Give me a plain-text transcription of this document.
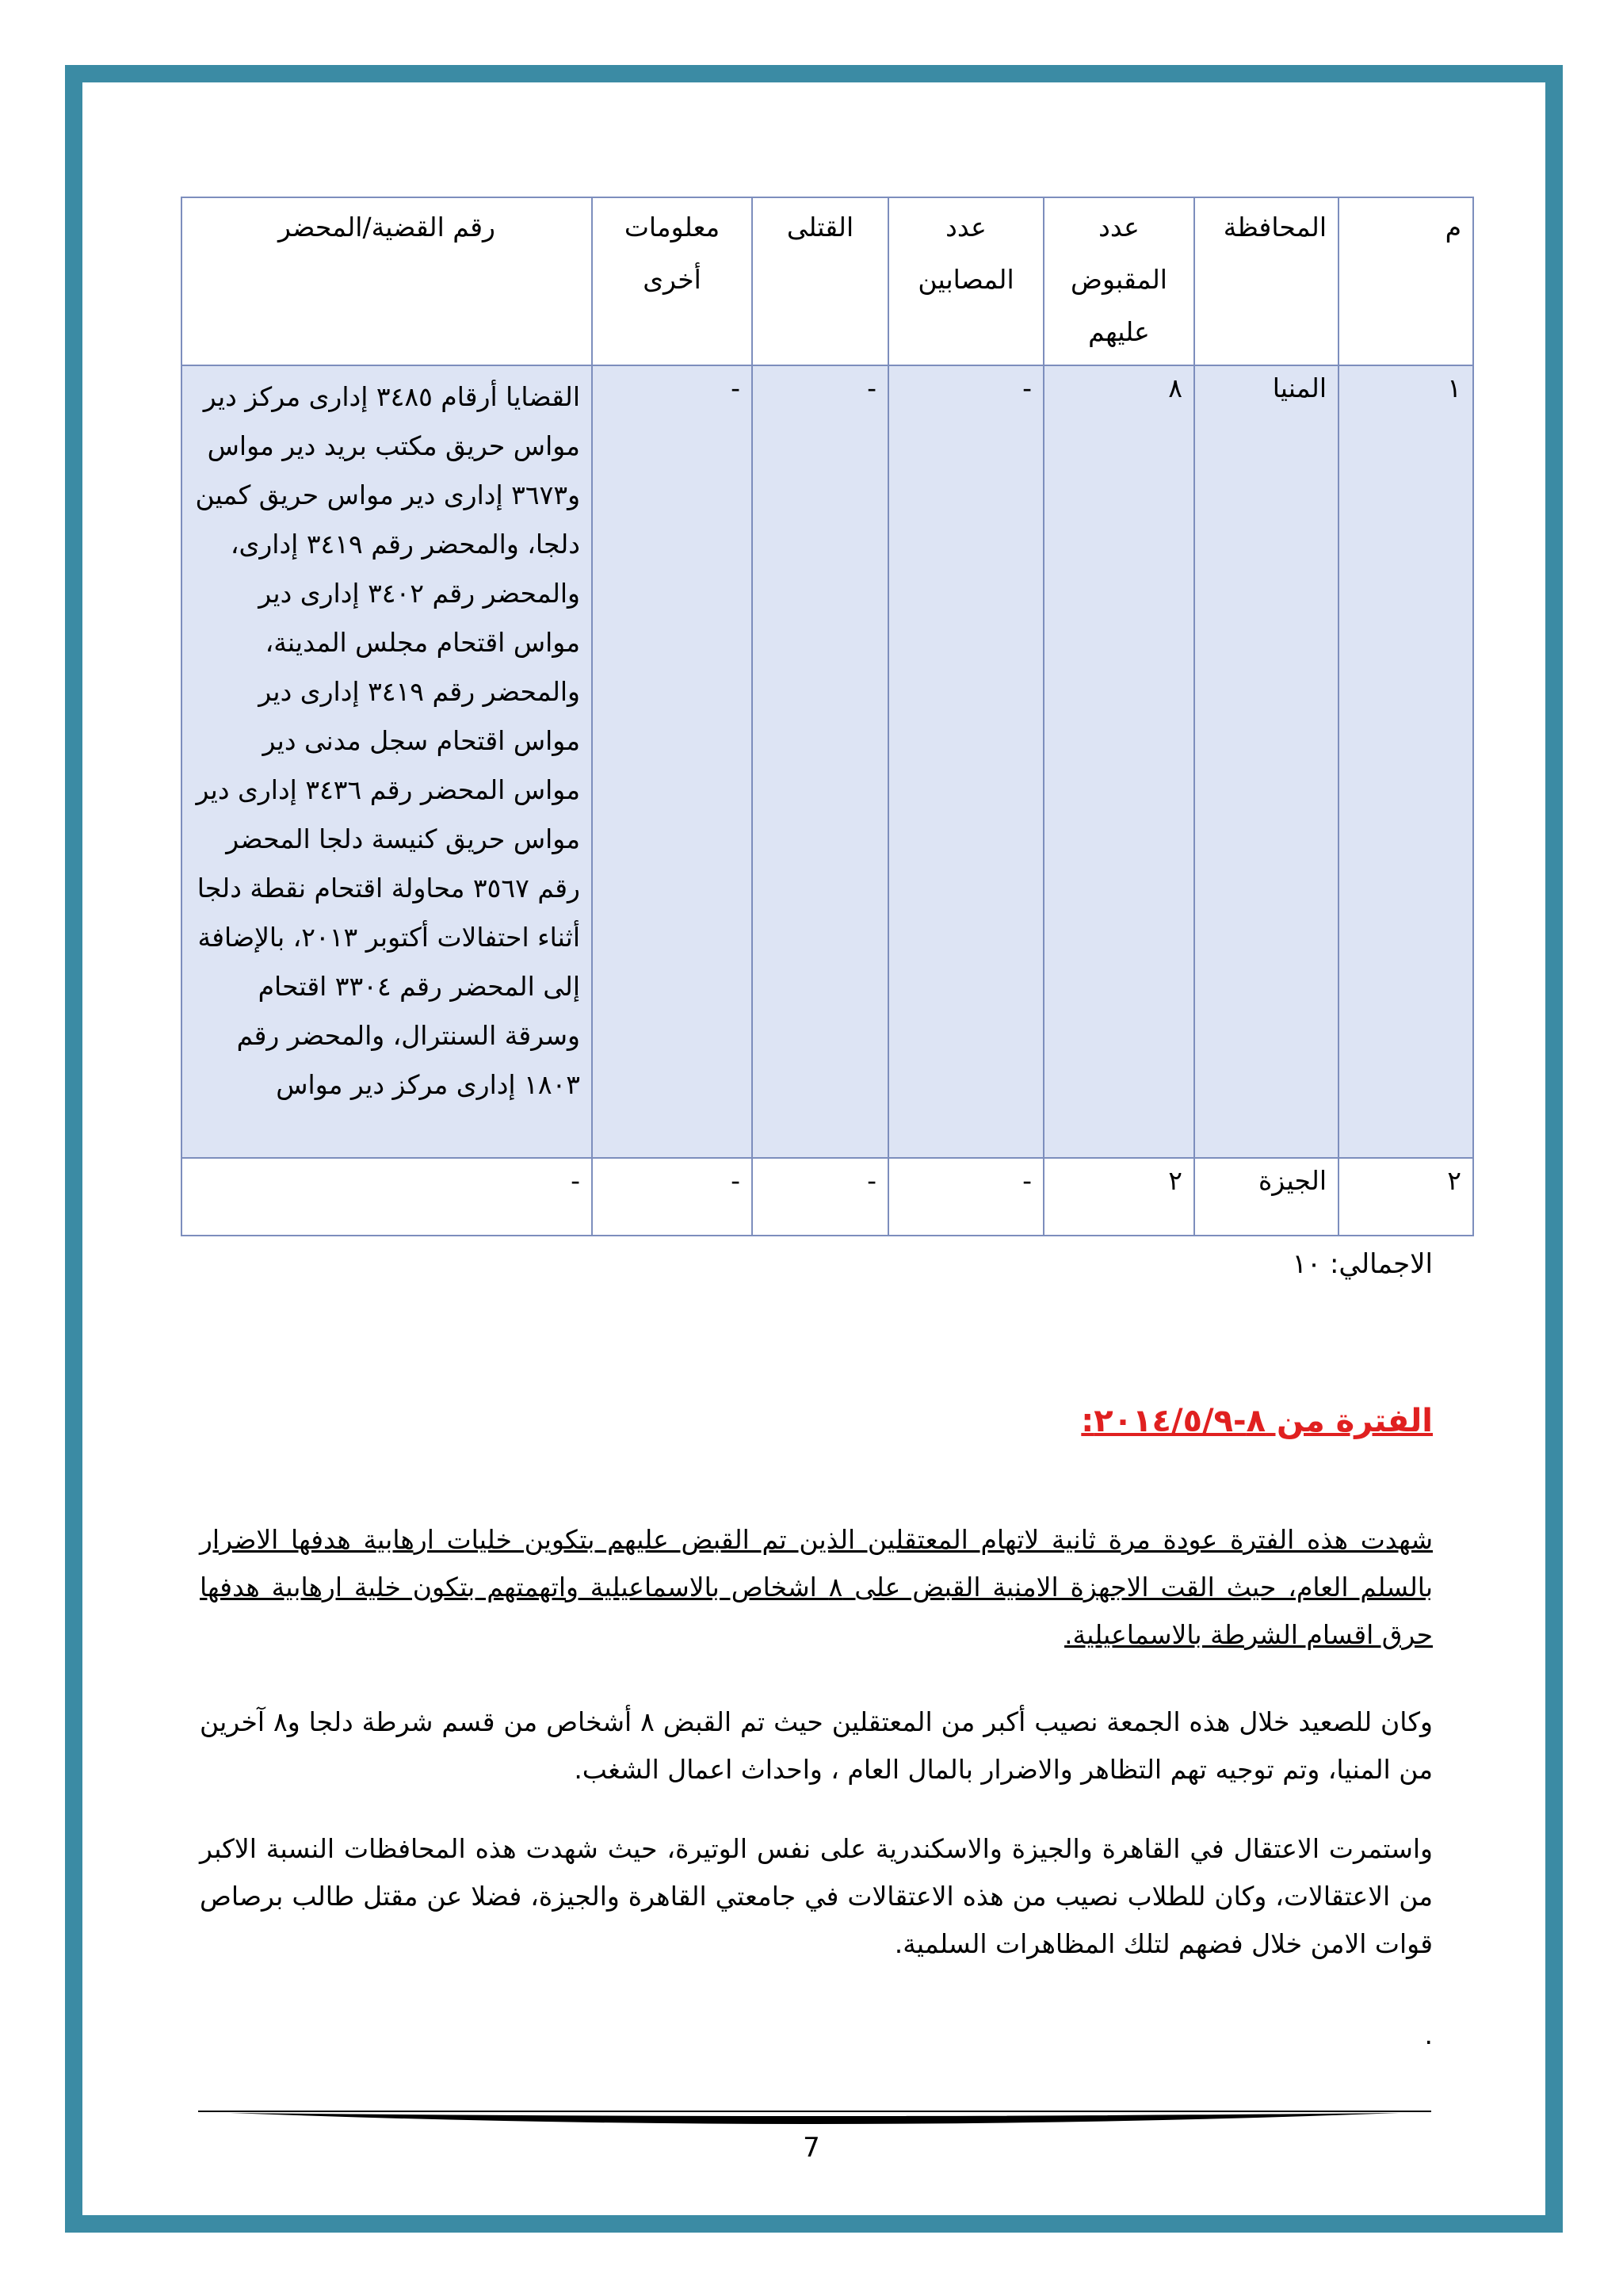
م	المحافظة	عدد المقبوض عليهم	عدد المصابين	القتلى	معلومات أخرى	رقم القضية/المحضر
١	المنيا	٨	-	-	-	القضايا أرقام ٣٤٨٥ إدارى مركز دير مواس حريق مكتب بريد دير مواس و٣٦٧٣ إدارى دير مواس حريق كمين دلجا، والمحضر رقم ٣٤١٩ إدارى، والمحضر رقم ٣٤٠٢ إدارى دير مواس اقتحام مجلس المدينة، والمحضر رقم ٣٤١٩ إدارى دير مواس اقتحام سجل مدنى دير مواس المحضر رقم ٣٤٣٦ إدارى دير مواس حريق كنيسة دلجا المحضر رقم ٣٥٦٧ محاولة اقتحام نقطة دلجا أثناء احتفالات أكتوبر ٢٠١٣، بالإضافة إلى المحضر رقم ٣٣٠٤ اقتحام وسرقة السنترال، والمحضر رقم ١٨٠٣ إدارى مركز دير مواس
٢	الجيزة	٢	-	-	-	-
الاجمالي: ١٠
الفترة من ٨-٢٠١٤/٥/٩:

شهدت هذه الفترة عودة مرة ثانية لاتهام المعتقلين الذين تم القبض عليهم بتكوين خليات ارهابية هدفها الاضرار بالسلم العام، حيث القت الاجهزة الامنية القبض على ٨ اشخاص بالاسماعيلية واتهمتهم بتكون خلية ارهابية هدفها حرق اقسام الشرطة بالاسماعيلية.

وكان للصعيد خلال هذه الجمعة نصيب أكبر من المعتقلين حيث تم القبض ٨ أشخاص من قسم شرطة دلجا و٨ آخرين من المنيا، وتم توجيه تهم التظاهر والاضرار بالمال العام ، واحداث اعمال الشغب.

واستمرت الاعتقال في القاهرة والجيزة والاسكندرية على نفس الوتيرة، حيث شهدت هذه المحافظات النسبة الاكبر من الاعتقالات، وكان للطلاب نصيب من هذه الاعتقالات في جامعتي القاهرة والجيزة، فضلا عن مقتل طالب برصاص قوات الامن خلال فضهم لتلك المظاهرات السلمية.

.

7
